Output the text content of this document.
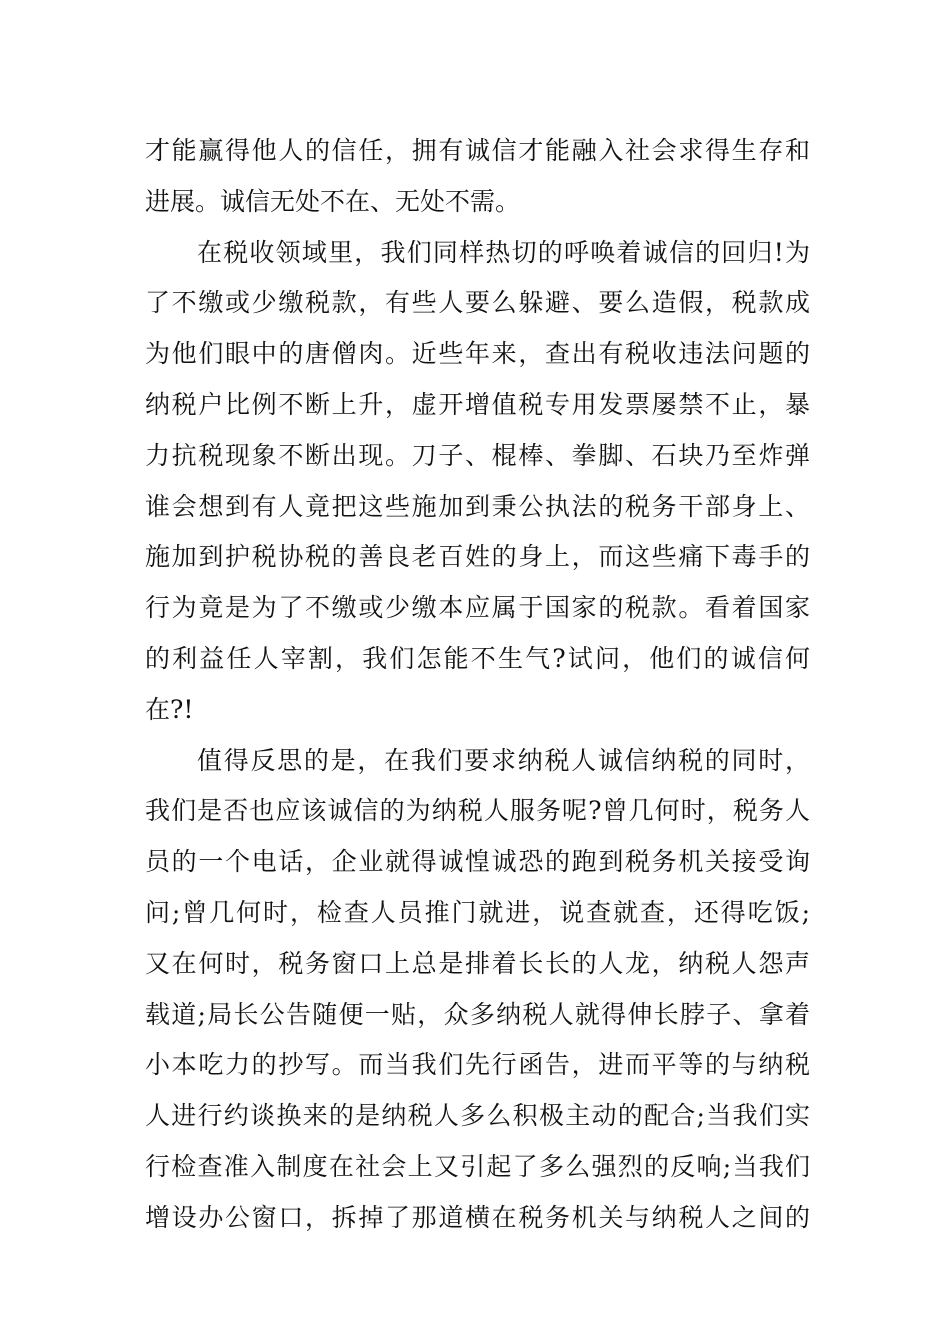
才能赢得他人的信任，拥有诚信才能融入社会求得生存和
进展。诚信无处不在、无处不需。
在税收领域里，我们同样热切的呼唤着诚信的回归!为
了不缴或少缴税款，有些人要么躲避、要么造假，税款成
为他们眼中的唐僧肉。近些年来，查出有税收违法问题的
纳税户比例不断上升，虚开增值税专用发票屡禁不止，暴
力抗税现象不断出现。刀子、棍棒、拳脚、石块乃至炸弹
谁会想到有人竟把这些施加到秉公执法的税务干部身上、
施加到护税协税的善良老百姓的身上，而这些痛下毒手的
行为竟是为了不缴或少缴本应属于国家的税款。看着国家
的利益任人宰割，我们怎能不生气?试问，他们的诚信何
在?!
值得反思的是，在我们要求纳税人诚信纳税的同时，
我们是否也应该诚信的为纳税人服务呢?曾几何时，税务人
员的一个电话，企业就得诚惶诚恐的跑到税务机关接受询
问;曾几何时，检查人员推门就进，说查就查，还得吃饭;
又在何时，税务窗口上总是排着长长的人龙，纳税人怨声
载道;局长公告随便一贴，众多纳税人就得伸长脖子、拿着
小本吃力的抄写。而当我们先行函告，进而平等的与纳税
人进行约谈换来的是纳税人多么积极主动的配合;当我们实
行检查准入制度在社会上又引起了多么强烈的反响;当我们
增设办公窗口，拆掉了那道横在税务机关与纳税人之间的
